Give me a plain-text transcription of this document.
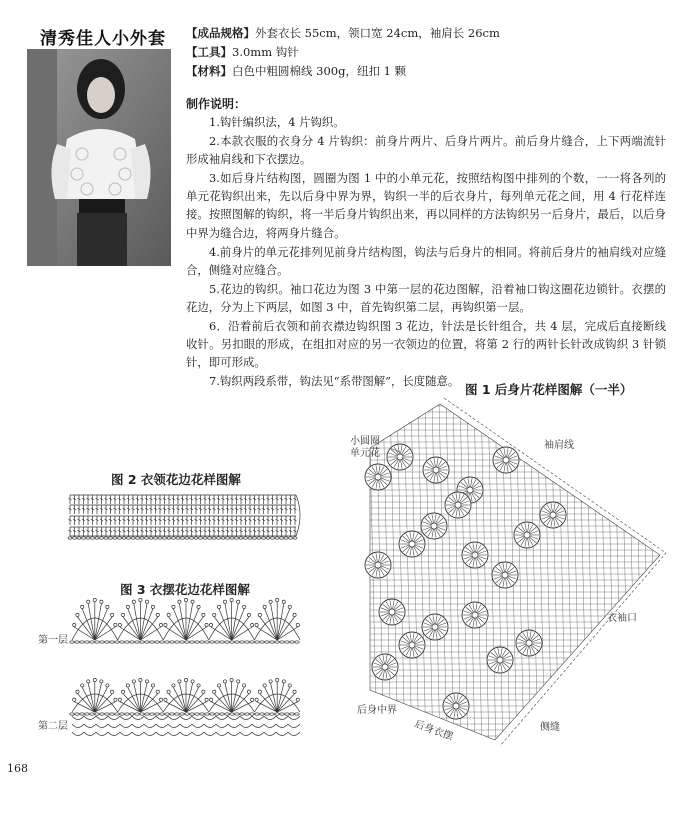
清秀佳人小外套 【成品规格】外套衣长 55cm，领口宽 24cm，袖肩长 26cm
【工具】3.0mm 钩针
【材料】白色中粗圆棉线 300g，纽扣 1 颗
制作说明：

1.钩针编织法，4 片钩织。

2.本款衣服的衣身分 4 片钩织：前身片两片、后身片两片。前后身片缝合，上下两端流针形成袖肩线和下衣摆边。

3.如后身片结构图，圆圈为图 1 中的小单元花，按照结构图中排列的个数，一一将各列的单元花钩织出来，先以后身中界为界，钩织一半的后衣身片，每列单元花之间，用 4 行花样连接。按照图解的钩织，将一半后身片钩织出来，再以同样的方法钩织另一后身片，最后，以后身中界为缝合边，将两身片缝合。

4.前身片的单元花排列见前身片结构图，钩法与后身片的相同。将前后身片的袖肩线对应缝合，侧缝对应缝合。

5.花边的钩织。袖口花边为图 3 中第一层的花边图解，沿着袖口钩这圈花边锁针。衣摆的花边，分为上下两层，如图 3 中，首先钩织第二层，再钩织第一层。

6．沿着前后衣领和前衣襟边钩织图 3 花边，针法是长针组合，共 4 层，完成后直接断线收针。另扣眼的形成，在组扣对应的另一衣领边的位置，将第 2 行的两针长针改成钩织 3 针锁针，即可形成。

7.钩织两段系带，钩法见“系带图解”，长度随意。

图 1 后身片花样图解（一半）
图 2 衣领花边花样图解
图 3 衣摆花边花样图解
第一层
第二层
小圆圈
单元花
袖肩线
衣袖口
后身中界
后身衣摆	侧缝
168
